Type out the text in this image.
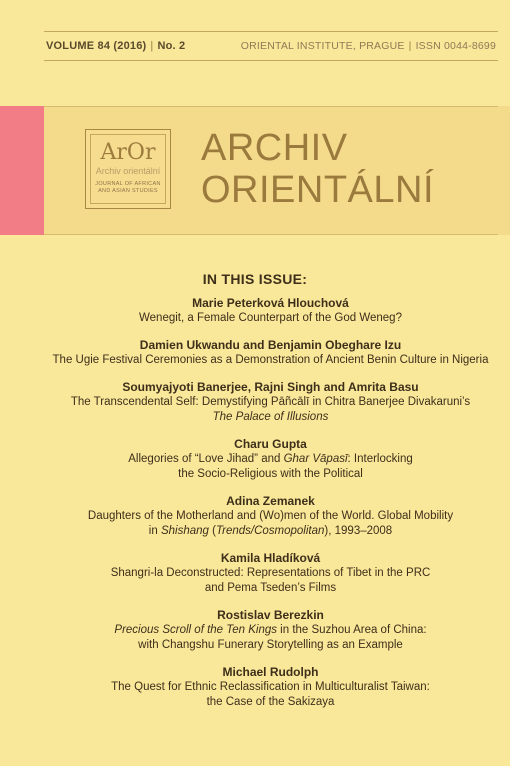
VOLUME 84 (2016) | No. 2	ORIENTAL INSTITUTE, PRAGUE | ISSN 0044-8699
ArOr
Archiv orientální
JOURNAL OF AFRICAN
AND ASIAN STUDIES
ARCHIV
ORIENTÁLNÍ
IN THIS ISSUE:
Marie Peterková Hlouchová
Wenegit, a Female Counterpart of the God Weneg?
Damien Ukwandu and Benjamin Obeghare Izu
The Ugie Festival Ceremonies as a Demonstration of Ancient Benin Culture in Nigeria
Soumyajyoti Banerjee, Rajni Singh and Amrita Basu
The Transcendental Self: Demystifying Pāñcālī in Chitra Banerjee Divakaruni’s
The Palace of Illusions
Charu Gupta
Allegories of “Love Jihad” and Ghar Vāpasī: Interlocking
the Socio-Religious with the Political
Adina Zemanek
Daughters of the Motherland and (Wo)men of the World. Global Mobility
in Shishang (Trends/Cosmopolitan), 1993–2008
Kamila Hladíková
Shangri-la Deconstructed: Representations of Tibet in the PRC
and Pema Tseden’s Films
Rostislav Berezkin
Precious Scroll of the Ten Kings in the Suzhou Area of China:
with Changshu Funerary Storytelling as an Example
Michael Rudolph
The Quest for Ethnic Reclassification in Multiculturalist Taiwan:
the Case of the Sakizaya
